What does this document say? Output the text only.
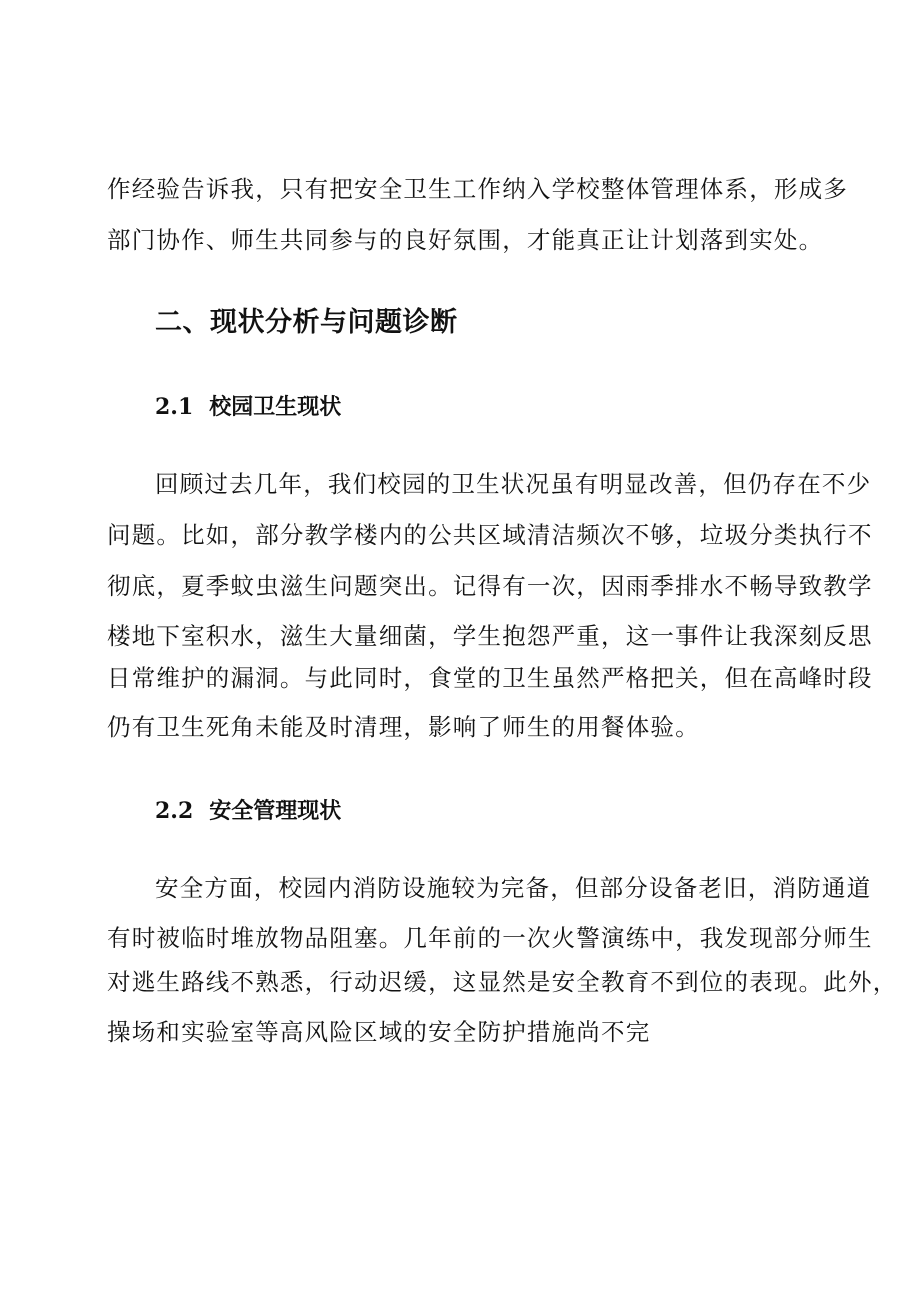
作经验告诉我，只有把安全卫生工作纳入学校整体管理体系，形成多
部门协作、师生共同参与的良好氛围，才能真正让计划落到实处。
二、现状分析与问题诊断
2.1 校园卫生现状
回顾过去几年，我们校园的卫生状况虽有明显改善，但仍存在不少
问题。比如，部分教学楼内的公共区域清洁频次不够，垃圾分类执行不
彻底，夏季蚊虫滋生问题突出。记得有一次，因雨季排水不畅导致教学
楼地下室积水，滋生大量细菌，学生抱怨严重，这一事件让我深刻反思
日常维护的漏洞。与此同时，食堂的卫生虽然严格把关，但在高峰时段
仍有卫生死角未能及时清理，影响了师生的用餐体验。
2.2 安全管理现状
安全方面，校园内消防设施较为完备，但部分设备老旧，消防通道
有时被临时堆放物品阻塞。几年前的一次火警演练中，我发现部分师生
对逃生路线不熟悉，行动迟缓，这显然是安全教育不到位的表现。此外，
操场和实验室等高风险区域的安全防护措施尚不完
